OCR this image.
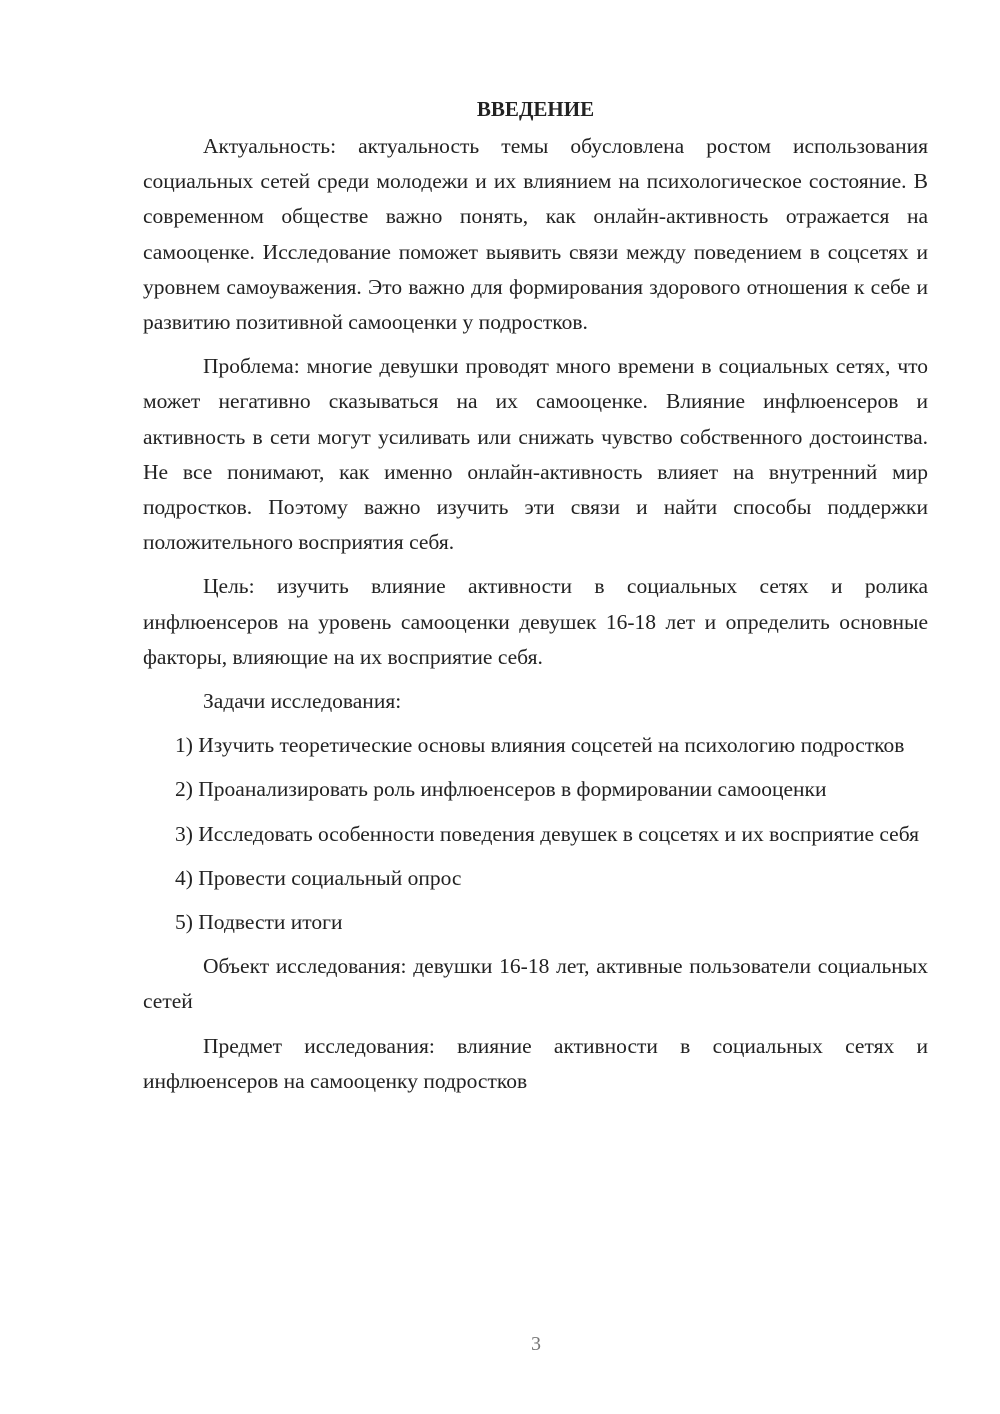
ВВЕДЕНИЕ

Актуальность: актуальность темы обусловлена ростом использования социальных сетей среди молодежи и их влиянием на психологическое состояние. В современном обществе важно понять, как онлайн-активность отражается на самооценке. Исследование поможет выявить связи между поведением в соцсетях и уровнем самоуважения. Это важно для формирования здорового отношения к себе и развитию позитивной самооценки у подростков.

Проблема: многие девушки проводят много времени в социальных сетях, что может негативно сказываться на их самооценке. Влияние инфлюенсеров и активность в сети могут усиливать или снижать чувство собственного достоинства. Не все понимают, как именно онлайн-активность влияет на внутренний мир подростков. Поэтому важно изучить эти связи и найти способы поддержки положительного восприятия себя.

Цель: изучить влияние активности в социальных сетях и ролика инфлюенсеров на уровень самооценки девушек 16-18 лет и определить основные факторы, влияющие на их восприятие себя.

Задачи исследования:

1) Изучить теоретические основы влияния соцсетей на психологию подростков

2) Проанализировать роль инфлюенсеров в формировании самооценки

3) Исследовать особенности поведения девушек в соцсетях и их восприятие себя

4) Провести социальный опрос

5) Подвести итоги

Объект исследования: девушки 16-18 лет, активные пользователи социальных сетей

Предмет исследования: влияние активности в социальных сетях и инфлюенсеров на самооценку подростков

3
